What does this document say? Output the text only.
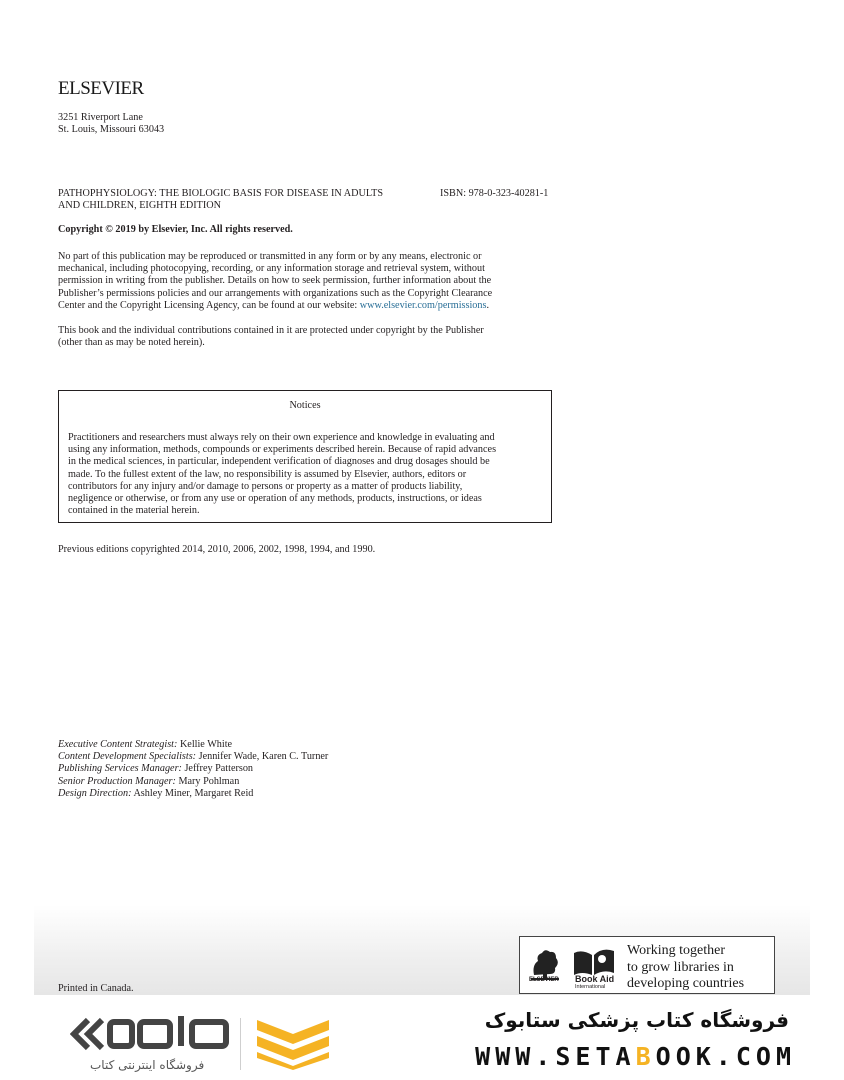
ELSEVIER
3251 Riverport Lane
St. Louis, Missouri 63043
PATHOPHYSIOLOGY: THE BIOLOGIC BASIS FOR DISEASE IN ADULTS
AND CHILDREN, EIGHTH EDITION
ISBN: 978-0-323-40281-1
Copyright © 2019 by Elsevier, Inc. All rights reserved.
No part of this publication may be reproduced or transmitted in any form or by any means, electronic or
mechanical, including photocopying, recording, or any information storage and retrieval system, without
permission in writing from the publisher. Details on how to seek permission, further information about the
Publisher’s permissions policies and our arrangements with organizations such as the Copyright Clearance
Center and the Copyright Licensing Agency, can be found at our website: www.elsevier.com/permissions.
This book and the individual contributions contained in it are protected under copyright by the Publisher
(other than as may be noted herein).
Notices
Practitioners and researchers must always rely on their own experience and knowledge in evaluating and
using any information, methods, compounds or experiments described herein. Because of rapid advances
in the medical sciences, in particular, independent verification of diagnoses and drug dosages should be
made. To the fullest extent of the law, no responsibility is assumed by Elsevier, authors, editors or
contributors for any injury and/or damage to persons or property as a matter of products liability,
negligence or otherwise, or from any use or operation of any methods, products, instructions, or ideas
contained in the material herein.
Previous editions copyrighted 2014, 2010, 2006, 2002, 1998, 1994, and 1990.
Executive Content Strategist: Kellie White
Content Development Specialists: Jennifer Wade, Karen C. Turner
Publishing Services Manager: Jeffrey Patterson
Senior Production Manager: Mary Pohlman
Design Direction: Ashley Miner, Margaret Reid
Printed in Canada.
ELSEVIER Book Aid
International
Working together
to grow libraries in
developing countries
فروشگاه اینترنتی کتاب
فروشگاه کتاب پزشکی ستابوک
WWW.SETABOOK.COM
